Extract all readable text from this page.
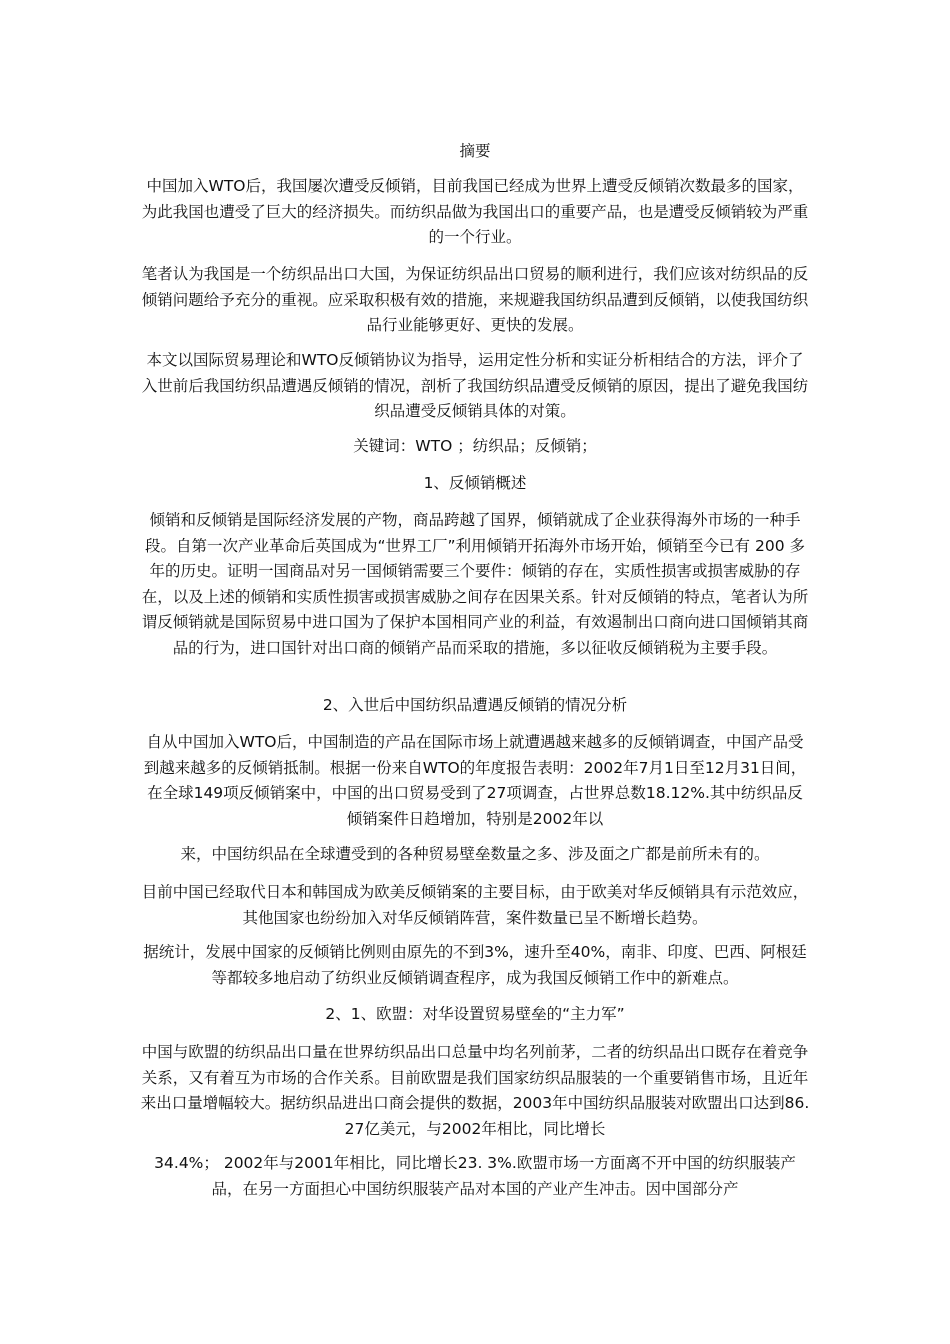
摘要

中国加入WTO后，我国屡次遭受反倾销，目前我国已经成为世界上遭受反倾销次数最多的国家，为此我国也遭受了巨大的经济损失。而纺织品做为我国出口的重要产品，也是遭受反倾销较为严重的一个行业。

笔者认为我国是一个纺织品出口大国，为保证纺织品出口贸易的顺利进行，我们应该对纺织品的反倾销问题给予充分的重视。应采取积极有效的措施，来规避我国纺织品遭到反倾销，以使我国纺织品行业能够更好、更快的发展。

本文以国际贸易理论和WTO反倾销协议为指导，运用定性分析和实证分析相结合的方法，评介了入世前后我国纺织品遭遇反倾销的情况，剖析了我国纺织品遭受反倾销的原因，提出了避免我国纺织品遭受反倾销具体的对策。

关键词：WTO ；纺织品；反倾销；
1、反倾销概述

倾销和反倾销是国际经济发展的产物，商品跨越了国界，倾销就成了企业获得海外市场的一种手段。自第一次产业革命后英国成为“世界工厂”利用倾销开拓海外市场开始，倾销至今已有 200 多年的历史。证明一国商品对另一国倾销需要三个要件：倾销的存在，实质性损害或损害威胁的存在，以及上述的倾销和实质性损害或损害威胁之间存在因果关系。针对反倾销的特点，笔者认为所谓反倾销就是国际贸易中进口国为了保护本国相同产业的利益，有效遏制出口商向进口国倾销其商品的行为，进口国针对出口商的倾销产品而采取的措施，多以征收反倾销税为主要手段。

2、入世后中国纺织品遭遇反倾销的情况分析

自从中国加入WTO后，中国制造的产品在国际市场上就遭遇越来越多的反倾销调查，中国产品受到越来越多的反倾销抵制。根据一份来自WTO的年度报告表明：2002年7月1日至12月31日间，在全球149项反倾销案中，中国的出口贸易受到了27项调查，占世界总数18.12%.其中纺织品反倾销案件日趋增加，特别是2002年以

来，中国纺织品在全球遭受到的各种贸易壁垒数量之多、涉及面之广都是前所未有的。

目前中国已经取代日本和韩国成为欧美反倾销案的主要目标，由于欧美对华反倾销具有示范效应，其他国家也纷纷加入对华反倾销阵营，案件数量已呈不断增长趋势。

据统计，发展中国家的反倾销比例则由原先的不到3%，速升至40%，南非、印度、巴西、阿根廷等都较多地启动了纺织业反倾销调查程序，成为我国反倾销工作中的新难点。

2、1、欧盟：对华设置贸易壁垒的“主力军”

中国与欧盟的纺织品出口量在世界纺织品出口总量中均名列前茅，二者的纺织品出口既存在着竞争关系，又有着互为市场的合作关系。目前欧盟是我们国家纺织品服装的一个重要销售市场，且近年来出口量增幅较大。据纺织品进出口商会提供的数据，2003年中国纺织品服装对欧盟出口达到86. 27亿美元，与2002年相比，同比增长

34.4%； 2002年与2001年相比，同比增长23. 3%.欧盟市场一方面离不开中国的纺织服装产品，在另一方面担心中国纺织服装产品对本国的产业产生冲击。因中国部分产
